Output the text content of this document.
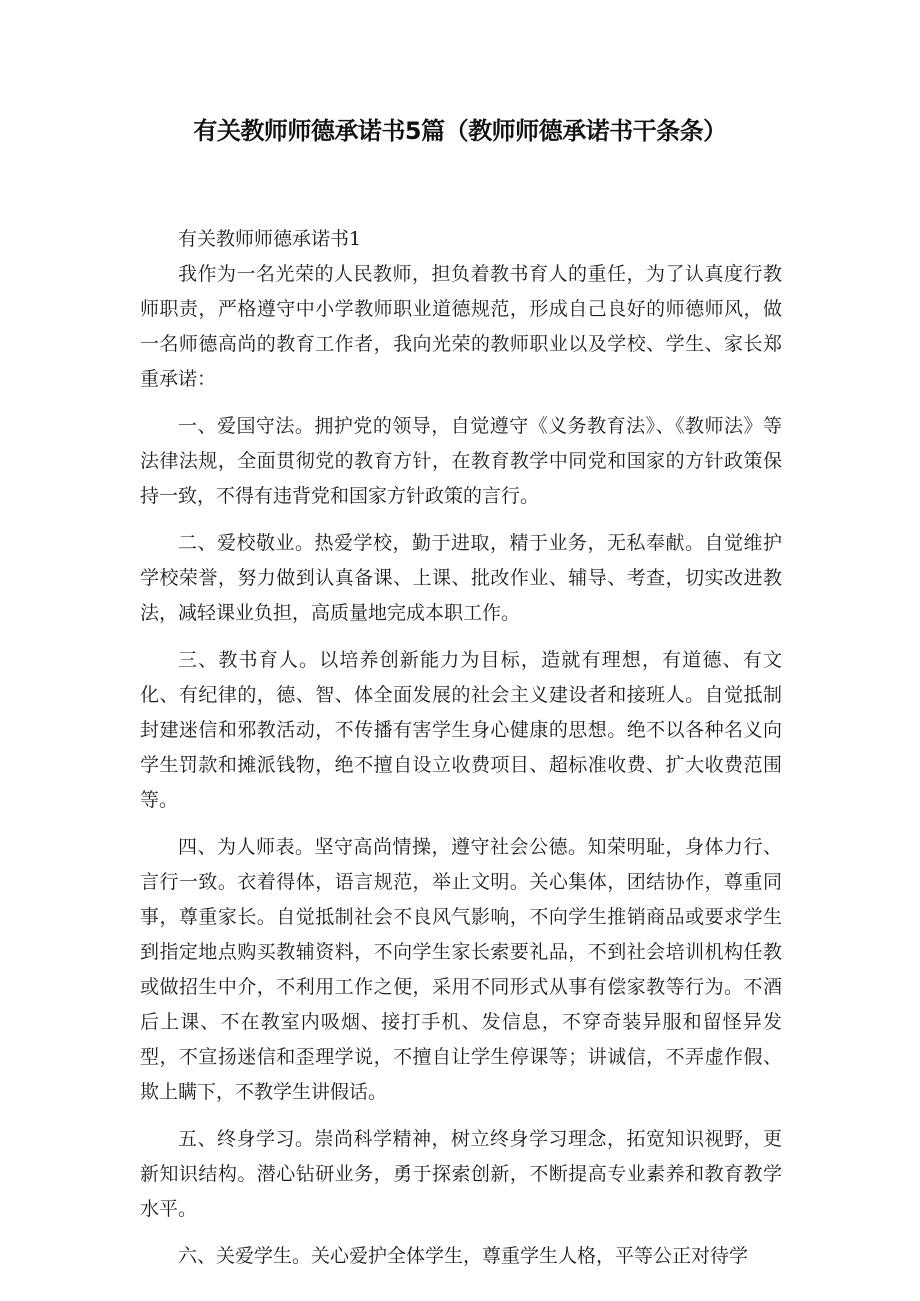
有关教师师德承诺书5篇（教师师德承诺书干条条）

有关教师师德承诺书1

我作为一名光荣的人民教师，担负着教书育人的重任，为了认真度行教师职责，严格遵守中小学教师职业道德规范，形成自己良好的师德师风，做一名师德高尚的教育工作者，我向光荣的教师职业以及学校、学生、家长郑重承诺：

一、爱国守法。拥护党的领导，自觉遵守《义务教育法》、《教师法》等法律法规，全面贯彻党的教育方针，在教育教学中同党和国家的方针政策保持一致，不得有违背党和国家方针政策的言行。

二、爱校敬业。热爱学校，勤于进取，精于业务，无私奉献。自觉维护学校荣誉，努力做到认真备课、上课、批改作业、辅导、考查，切实改进教法，减轻课业负担，高质量地完成本职工作。

三、教书育人。以培养创新能力为目标，造就有理想，有道德、有文化、有纪律的，德、智、体全面发展的社会主义建设者和接班人。自觉抵制封建迷信和邪教活动，不传播有害学生身心健康的思想。绝不以各种名义向学生罚款和摊派钱物，绝不擅自设立收费项目、超标准收费、扩大收费范围等。

四、为人师表。坚守高尚情操，遵守社会公德。知荣明耻，身体力行、言行一致。衣着得体，语言规范，举止文明。关心集体，团结协作，尊重同事，尊重家长。自觉抵制社会不良风气影响，不向学生推销商品或要求学生到指定地点购买教辅资料，不向学生家长索要礼品，不到社会培训机构任教或做招生中介，不利用工作之便，采用不同形式从事有偿家教等行为。不酒后上课、不在教室内吸烟、接打手机、发信息，不穿奇装异服和留怪异发型，不宣扬迷信和歪理学说，不擅自让学生停课等；讲诚信，不弄虚作假、欺上瞒下，不教学生讲假话。

五、终身学习。崇尚科学精神，树立终身学习理念，拓宽知识视野，更新知识结构。潜心钻研业务，勇于探索创新，不断提高专业素养和教育教学水平。

六、关爱学生。关心爱护全体学生，尊重学生人格，平等公正对待学
